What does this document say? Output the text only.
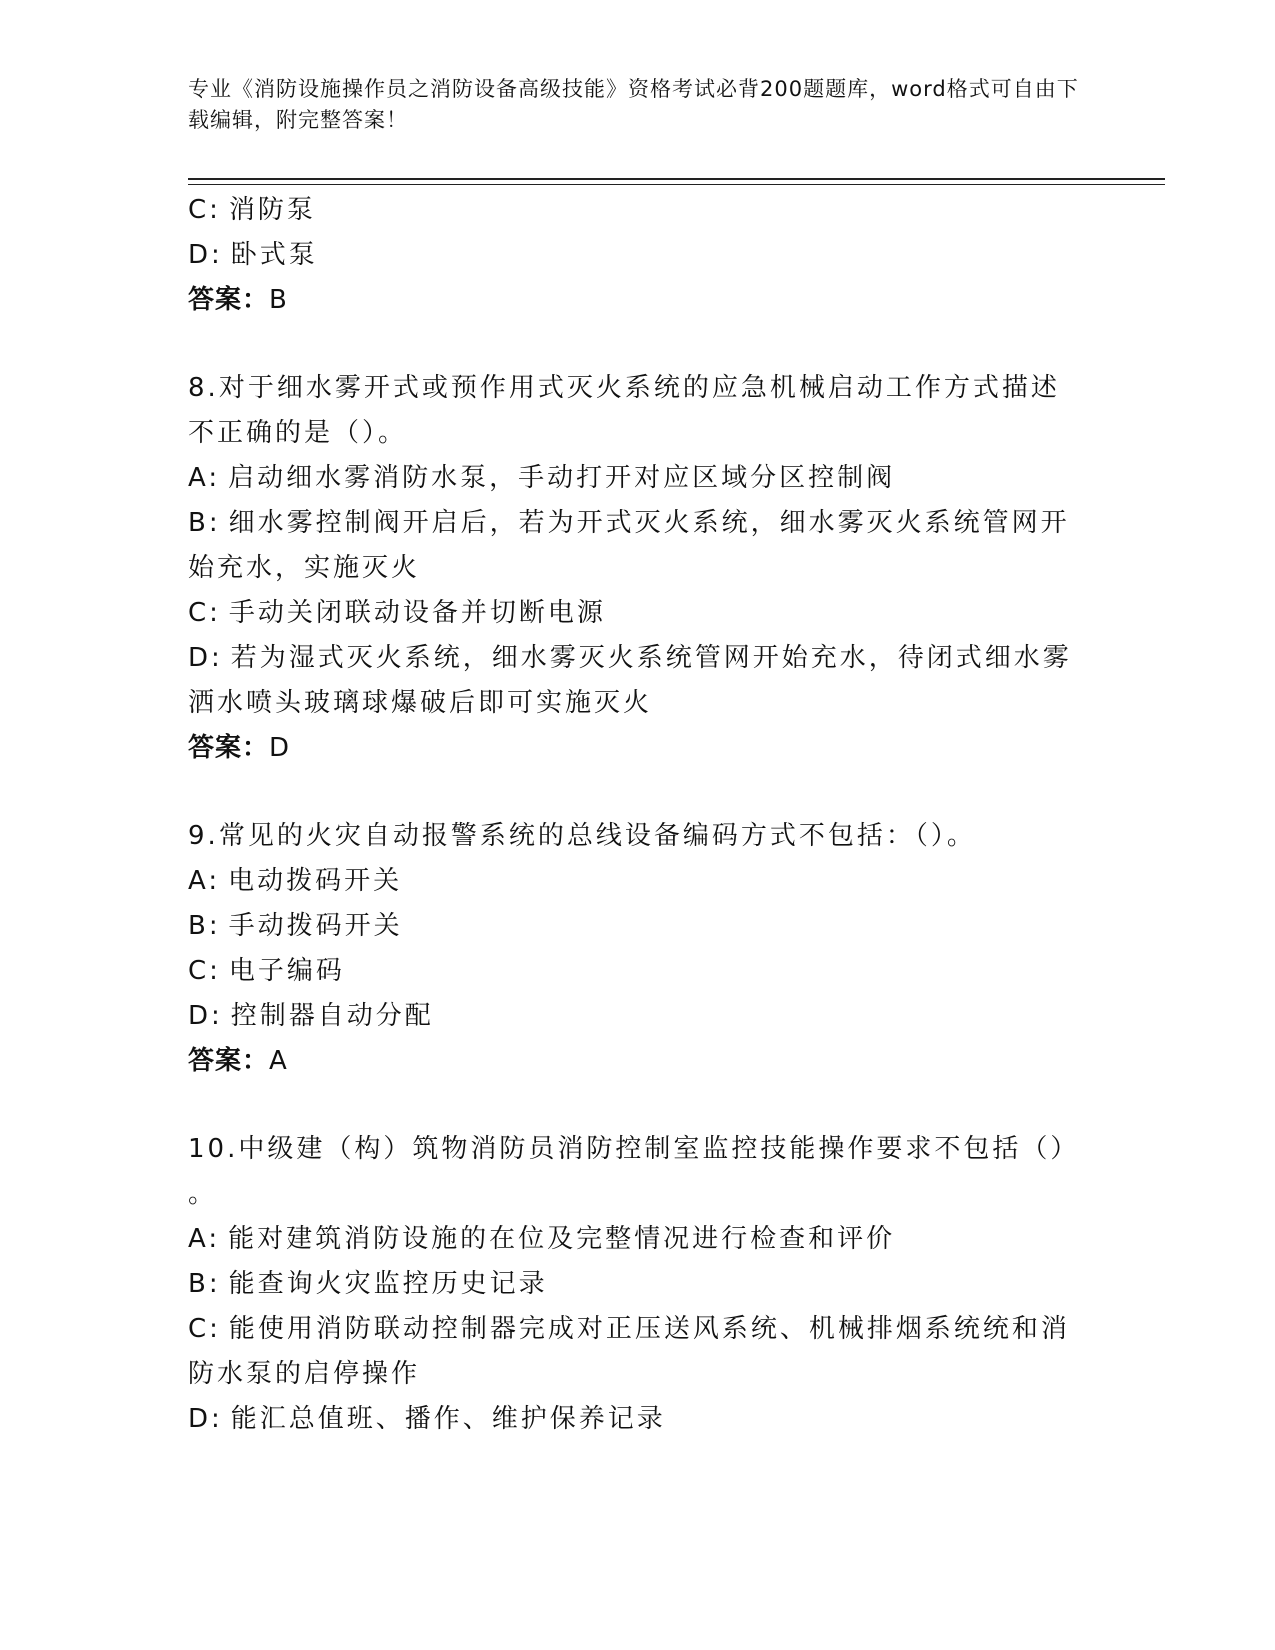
专业《消防设施操作员之消防设备高级技能》资格考试必背200题题库，word格式可自由下载编辑，附完整答案！
C: 消防泵
D: 卧式泵
答案：B
8.对于细水雾开式或预作用式灭火系统的应急机械启动工作方式描述
不正确的是（）。
A: 启动细水雾消防水泵，手动打开对应区域分区控制阀
B: 细水雾控制阀开启后，若为开式灭火系统，细水雾灭火系统管网开
始充水，实施灭火
C: 手动关闭联动设备并切断电源
D: 若为湿式灭火系统，细水雾灭火系统管网开始充水，待闭式细水雾
洒水喷头玻璃球爆破后即可实施灭火
答案：D
9.常见的火灾自动报警系统的总线设备编码方式不包括：（）。
A: 电动拨码开关
B: 手动拨码开关
C: 电子编码
D: 控制器自动分配
答案：A
10.中级建（构）筑物消防员消防控制室监控技能操作要求不包括（）
。
A: 能对建筑消防设施的在位及完整情况进行检查和评价
B: 能查询火灾监控历史记录
C: 能使用消防联动控制器完成对正压送风系统、机械排烟系统统和消
防水泵的启停操作
D: 能汇总值班、播作、维护保养记录
